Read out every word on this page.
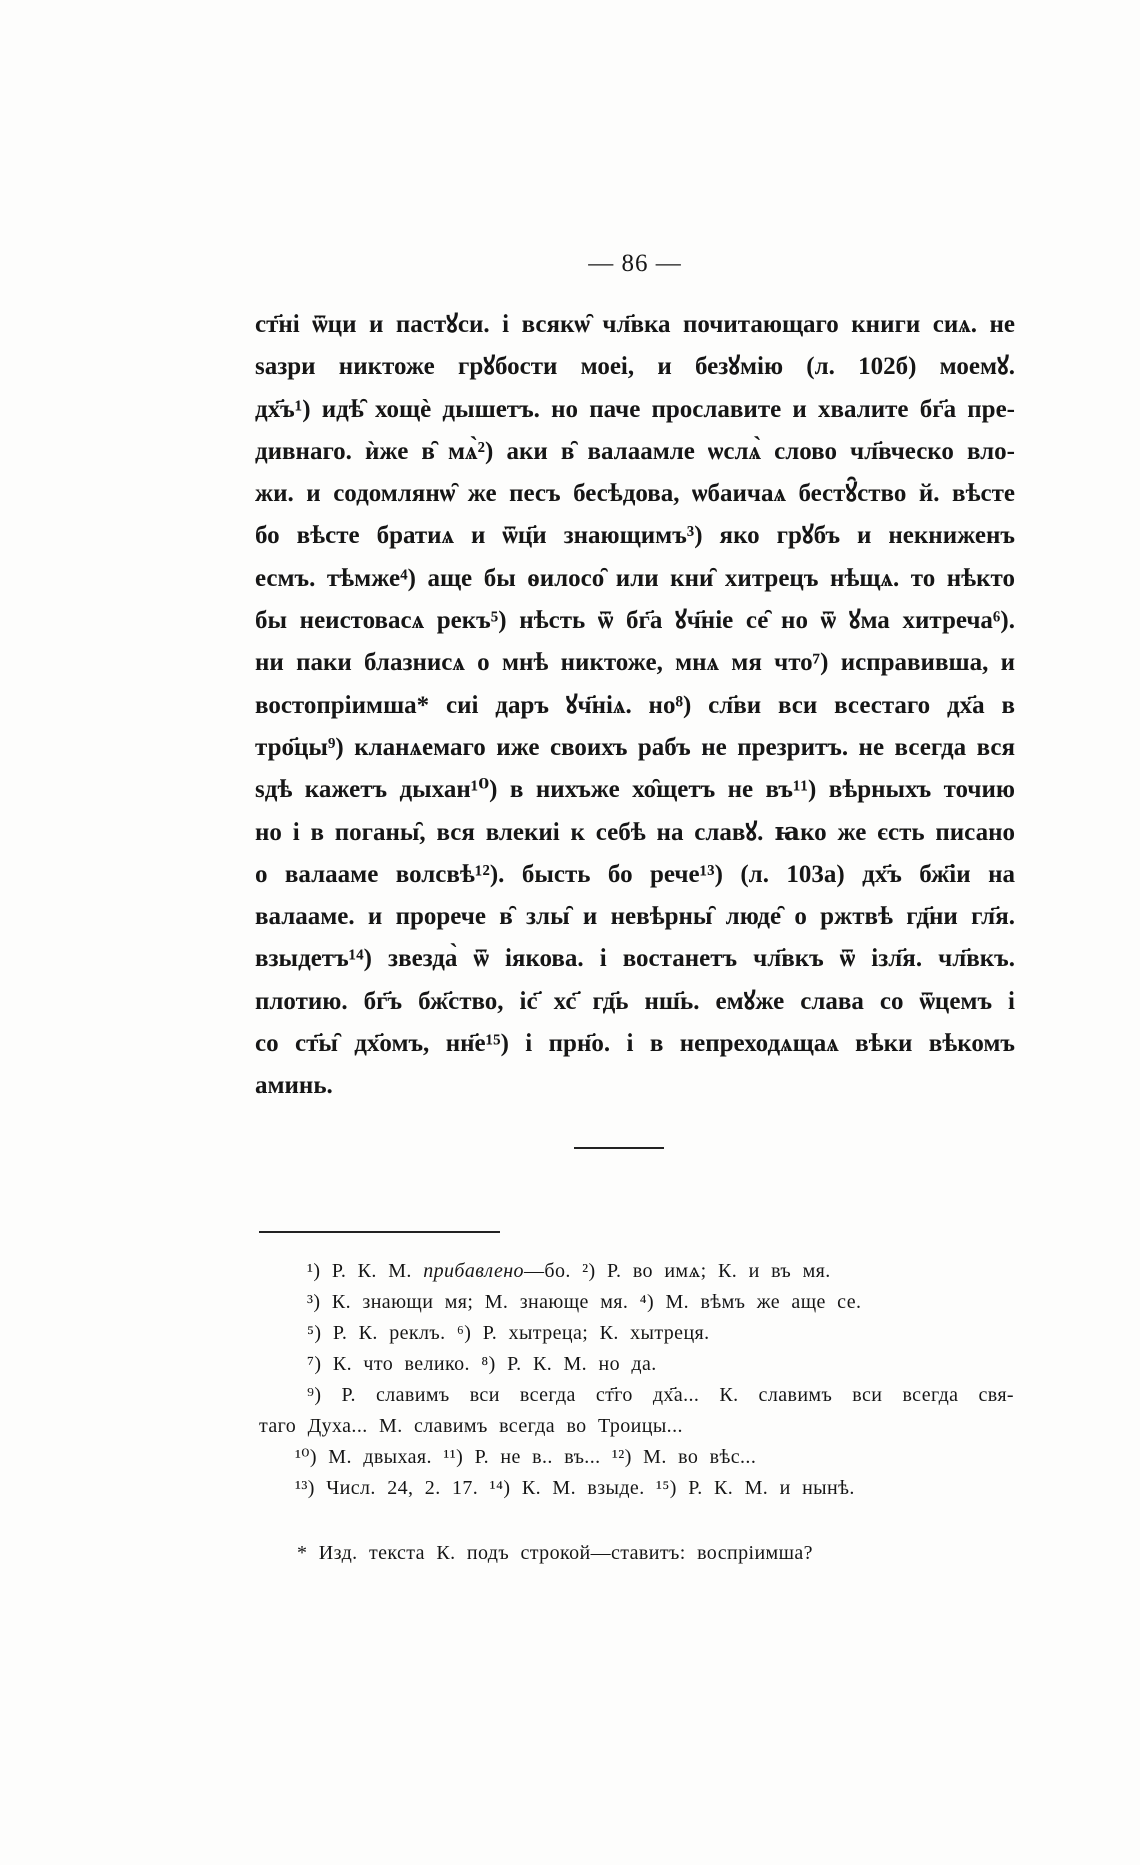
— 86 —
ст҃ні ѿци и пастꙋси. і всякѡ̑ чл҃вка почитающаго книги сиѧ. не
ѕазри никтоже грꙋбости моеі, и безꙋмію (л. 102б) моемꙋ.
дх҃ъ¹) идѣ̑ хощѐ дышетъ. но паче прославите и хвалите бг҃а пре-
дивнаго. ѝже в̑ мѧ̀²) аки в̑ валаамле ѡслѧ̀ слово чл҃вческо вло-
жи. и содомлянѡ̑ же песъ бесѣдова, ѡбаичаѧ бестꙋ̑ство й. вѣсте
бо вѣсте братиѧ и ѿц҃и знающимъ³) яко грꙋбъ и некниженъ
есмъ. тѣмже⁴) аще бы ѳилосо̑ или кни̑ хитрецъ нѣщѧ. то нѣкто
бы неистовасѧ рекъ⁵) нѣсть ѿ бг҃а ꙋч҃ніе се̑ но ѿ ꙋма хитреча⁶).
ни паки блазнисѧ о мнѣ никтоже, мнѧ мя что⁷) исправивша, и
востопріимша* сиі даръ ꙋч҃ніѧ. но⁸) сл҃ви вси всестаго дх҃а в
тро҃цы⁹) кланѧемаго иже своихъ рабъ не презритъ. не всегда вся
ѕдѣ кажетъ дыхан¹⁰) в нихъже хо̑щетъ не въ¹¹) вѣрныхъ точию
но і в поганы̑, вся влекиі к себѣ на славꙋ. ꙗко же єсть писано
о валааме волсвѣ¹²). бысть бо рече¹³) (л. 103а) дх҃ъ бж҃іи на
валааме. и прорече в̑ злы̑ и невѣрны̑ люде̑ о ржтвѣ гд҃ни гл҃я.
взыдетъ¹⁴) звезда̀ ѿ іякова. і востанетъ чл҃вкъ ѿ ізл҃я. чл҃вкъ.
плотию. бг҃ъ бж҃ство, іс҃ хс҃ гд҃ь нш҃ь. емꙋже слава со ѿцемъ і
со ст҃ы̑ дх҃омъ, нн҃е¹⁵) і прн҃о. і в непреходѧщаѧ вѣки вѣкомъ
аминь.
¹) Р. К. М. прибавлено—бо. ²) Р. во имѧ; К. и въ мя.
³) К. знающи мя; М. знающе мя. ⁴) М. вѣмъ же аще се.
⁵) Р. К. реклъ. ⁶) Р. хытреца; К. хытреця.
⁷) К. что велико. ⁸) Р. К. М. но да.
⁹) Р. славимъ вси всегда ст҃го дх҃а... К. славимъ вси всегда свя-
таго Духа... М. славимъ всегда во Троицы...
¹⁰) М. двыхая. ¹¹) Р. не в.. въ... ¹²) М. во вѣс...
¹³) Числ. 24, 2. 17. ¹⁴) К. М. взыде. ¹⁵) Р. К. М. и нынѣ.
* Изд. текста К. подъ строкой—ставитъ: воспрiимша?
